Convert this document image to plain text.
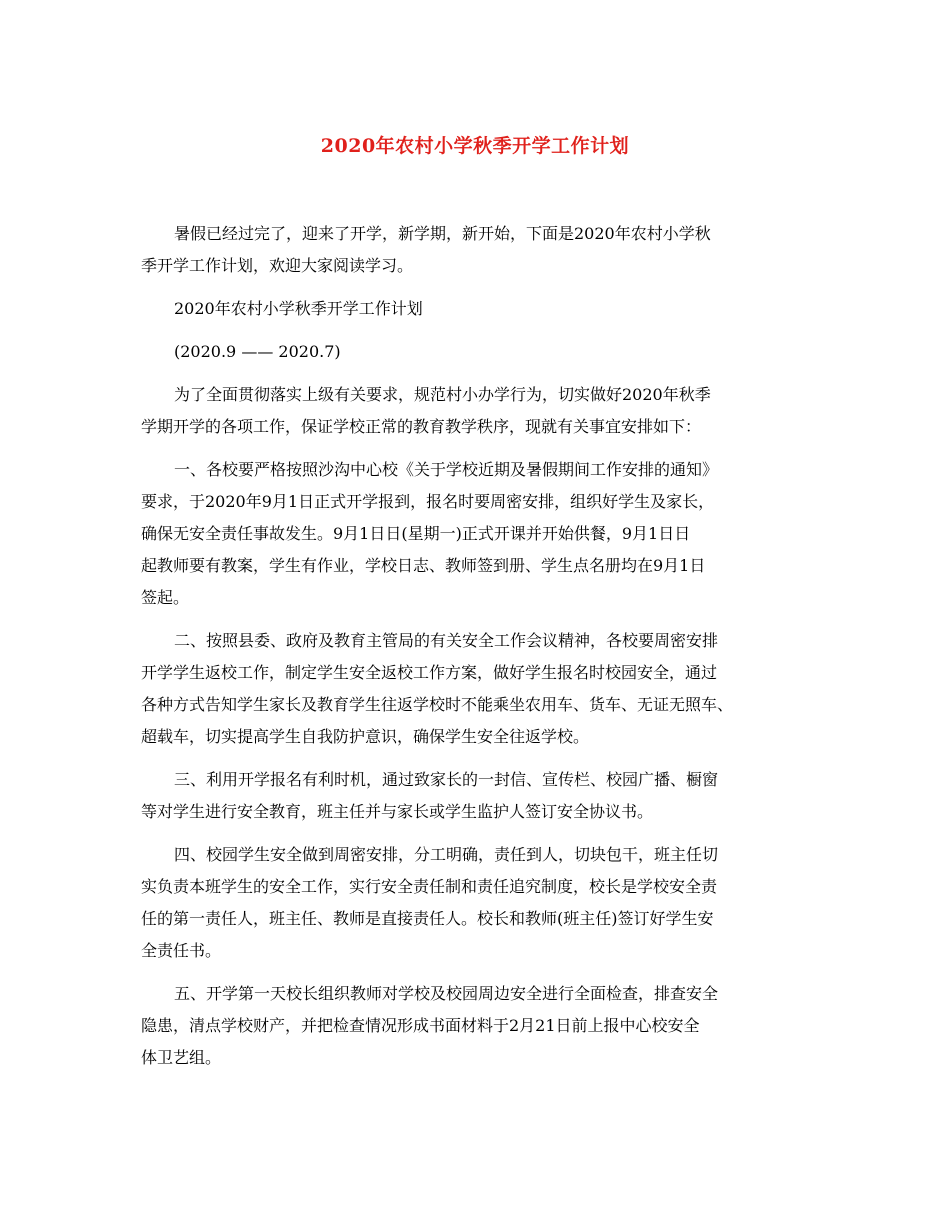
2020年农村小学秋季开学工作计划
暑假已经过完了，迎来了开学，新学期，新开始，下面是2020年农村小学秋
季开学工作计划，欢迎大家阅读学习。
2020年农村小学秋季开学工作计划
(2020.9 —— 2020.7)
为了全面贯彻落实上级有关要求，规范村小办学行为，切实做好2020年秋季
学期开学的各项工作，保证学校正常的教育教学秩序，现就有关事宜安排如下：
一、各校要严格按照沙沟中心校《关于学校近期及暑假期间工作安排的通知》
要求，于2020年9月1日正式开学报到，报名时要周密安排，组织好学生及家长，
确保无安全责任事故发生。9月1日日(星期一)正式开课并开始供餐，9月1日日
起教师要有教案，学生有作业，学校日志、教师签到册、学生点名册均在9月1日
签起。
二、按照县委、政府及教育主管局的有关安全工作会议精神，各校要周密安排
开学学生返校工作，制定学生安全返校工作方案，做好学生报名时校园安全，通过
各种方式告知学生家长及教育学生往返学校时不能乘坐农用车、货车、无证无照车、
超载车，切实提高学生自我防护意识，确保学生安全往返学校。
三、利用开学报名有利时机，通过致家长的一封信、宣传栏、校园广播、橱窗
等对学生进行安全教育，班主任并与家长或学生监护人签订安全协议书。
四、校园学生安全做到周密安排，分工明确，责任到人，切块包干，班主任切
实负责本班学生的安全工作，实行安全责任制和责任追究制度，校长是学校安全责
任的第一责任人，班主任、教师是直接责任人。校长和教师(班主任)签订好学生安
全责任书。
五、开学第一天校长组织教师对学校及校园周边安全进行全面检查，排查安全
隐患，清点学校财产，并把检查情况形成书面材料于2月21日前上报中心校安全
体卫艺组。
